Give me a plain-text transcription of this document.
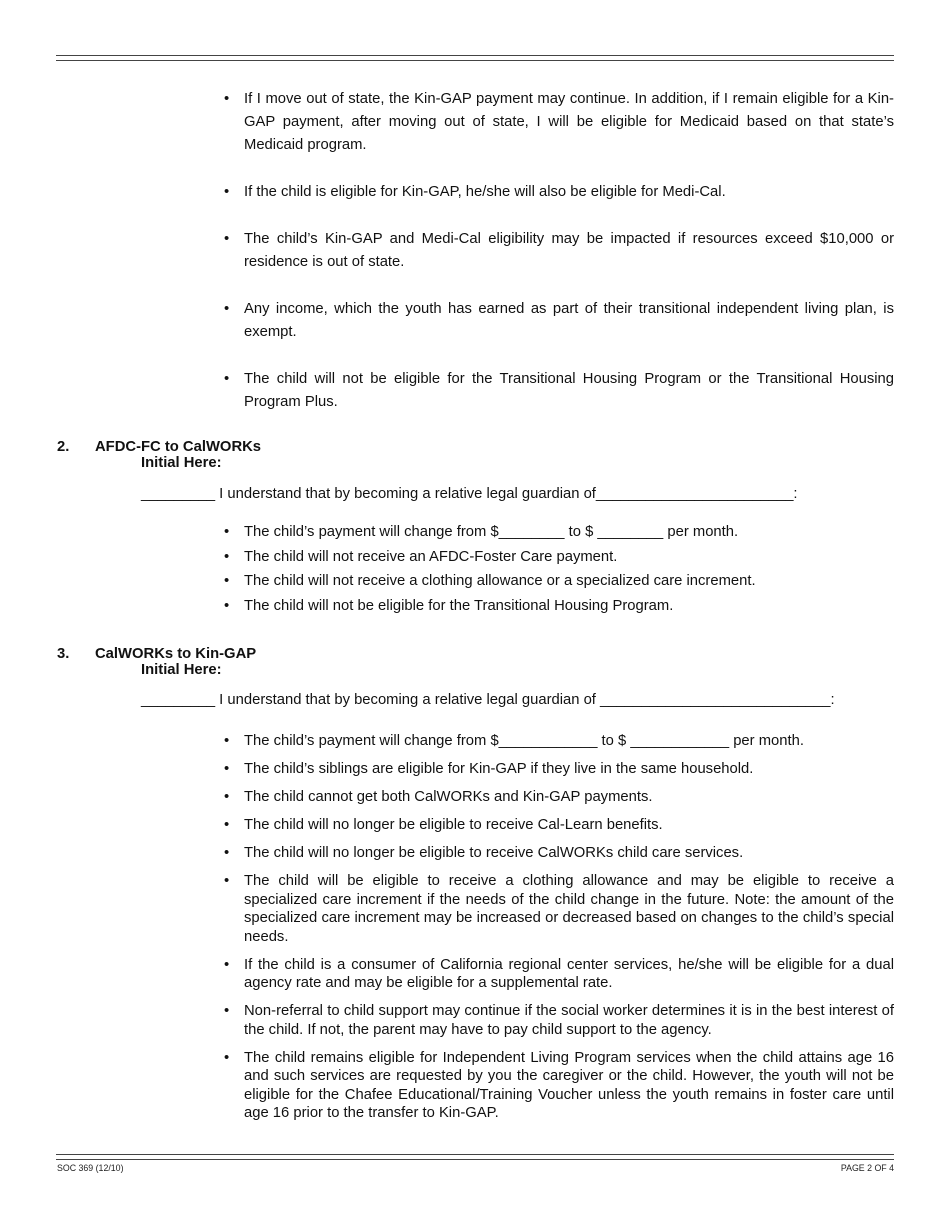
• If I move out of state, the Kin-GAP payment may continue. In addition, if I remain eligible for a Kin-GAP payment, after moving out of state, I will be eligible for Medicaid based on that state’s Medicaid program.
• If the child is eligible for Kin-GAP, he/she will also be eligible for Medi-Cal.
• The child’s Kin-GAP and Medi-Cal eligibility may be impacted if resources exceed $10,000 or residence is out of state.
• Any income, which the youth has earned as part of their transitional independent living plan, is exempt.
• The child will not be eligible for the Transitional Housing Program or the Transitional Housing Program Plus.
2. AFDC-FC to CalWORKs
Initial Here:
_________ I understand that by becoming a relative legal guardian of________________________:
• The child’s payment will change from $________ to $ ________ per month.
• The child will not receive an AFDC-Foster Care payment.
• The child will not receive a clothing allowance or a specialized care increment.
• The child will not be eligible for the Transitional Housing Program.
3. CalWORKs to Kin-GAP
Initial Here:
_________ I understand that by becoming a relative legal guardian of ____________________________:
• The child’s payment will change from $____________ to $ ____________ per month.
• The child’s siblings are eligible for Kin-GAP if they live in the same household.
• The child cannot get both CalWORKs and Kin-GAP payments.
• The child will no longer be eligible to receive Cal-Learn benefits.
• The child will no longer be eligible to receive CalWORKs child care services.
• The child will be eligible to receive a clothing allowance and may be eligible to receive a specialized care increment if the needs of the child change in the future. Note: the amount of the specialized care increment may be increased or decreased based on changes to the child’s special needs.
• If the child is a consumer of California regional center services, he/she will be eligible for a dual agency rate and may be eligible for a supplemental rate.
• Non-referral to child support may continue if the social worker determines it is in the best interest of the child. If not, the parent may have to pay child support to the agency.
• The child remains eligible for Independent Living Program services when the child attains age 16 and such services are requested by you the caregiver or the child. However, the youth will not be eligible for the Chafee Educational/Training Voucher unless the youth remains in foster care until age 16 prior to the transfer to Kin-GAP.
SOC 369 (12/10)	PAGE 2 OF 4
